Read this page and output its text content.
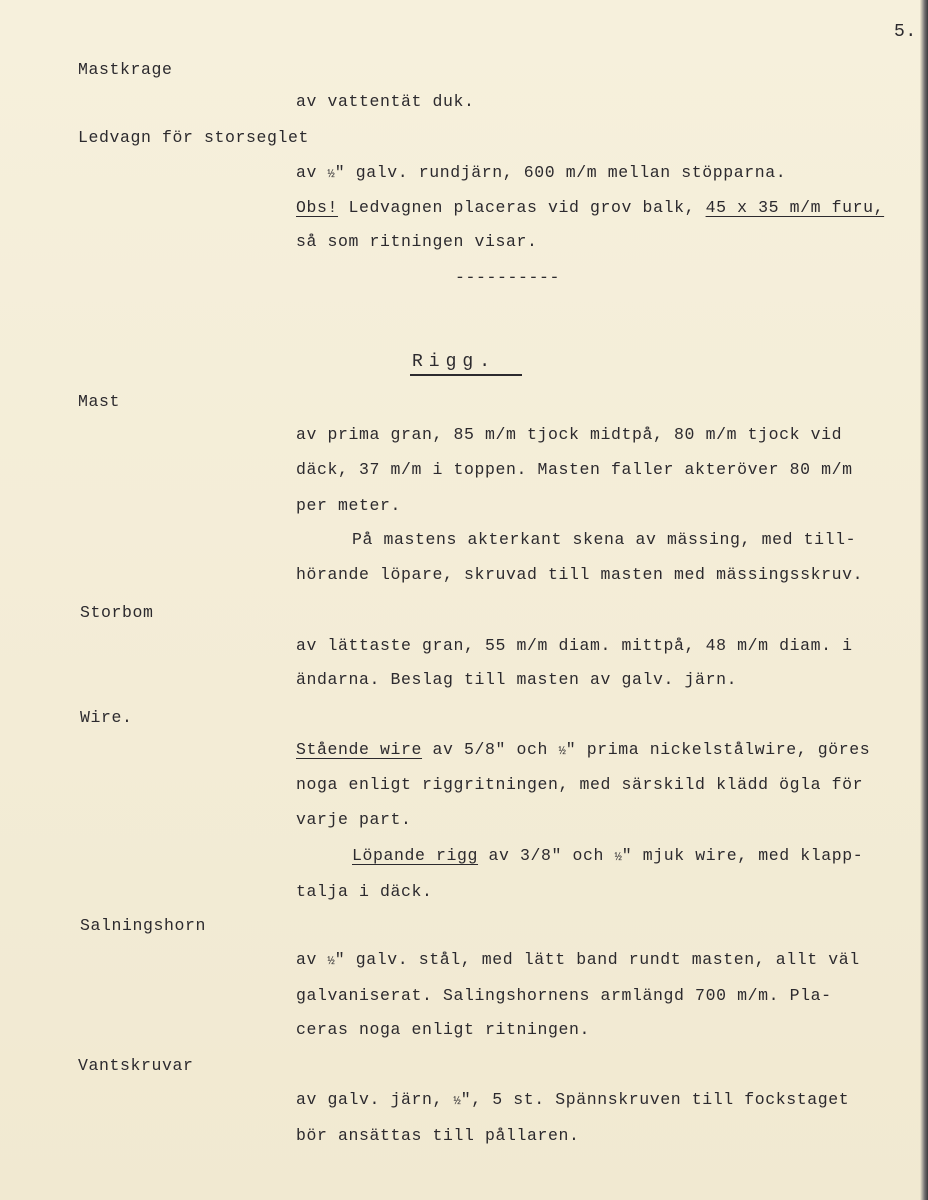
5.
Mastkrage
av vattentät duk.
Ledvagn för storseglet
av ½" galv. rundjärn, 600 m/m mellan stöpparna.
Obs! Ledvagnen placeras vid grov balk, 45 x 35 m/m furu,
så som ritningen visar.
----------
Rigg.
Mast
av prima gran, 85 m/m tjock midtpå, 80 m/m tjock vid
däck, 37 m/m i toppen. Masten faller akteröver 80 m/m
per meter.
På mastens akterkant skena av mässing, med till-
hörande löpare, skruvad till masten med mässingsskruv.
Storbom
av lättaste gran, 55 m/m diam. mittpå, 48 m/m diam. i
ändarna. Beslag till masten av galv. järn.
Wire.
Stående wire av 5/8" och ½" prima nickelstålwire, göres
noga enligt riggritningen, med särskild klädd ögla för
varje part.
Löpande rigg av 3/8" och ½" mjuk wire, med klapp-
talja i däck.
Salningshorn
av ½" galv. stål, med lätt band rundt masten, allt väl
galvaniserat. Salingshornens armlängd 700 m/m. Pla-
ceras noga enligt ritningen.
Vantskruvar
av galv. järn, ½", 5 st. Spännskruven till fockstaget
bör ansättas till pållaren.
